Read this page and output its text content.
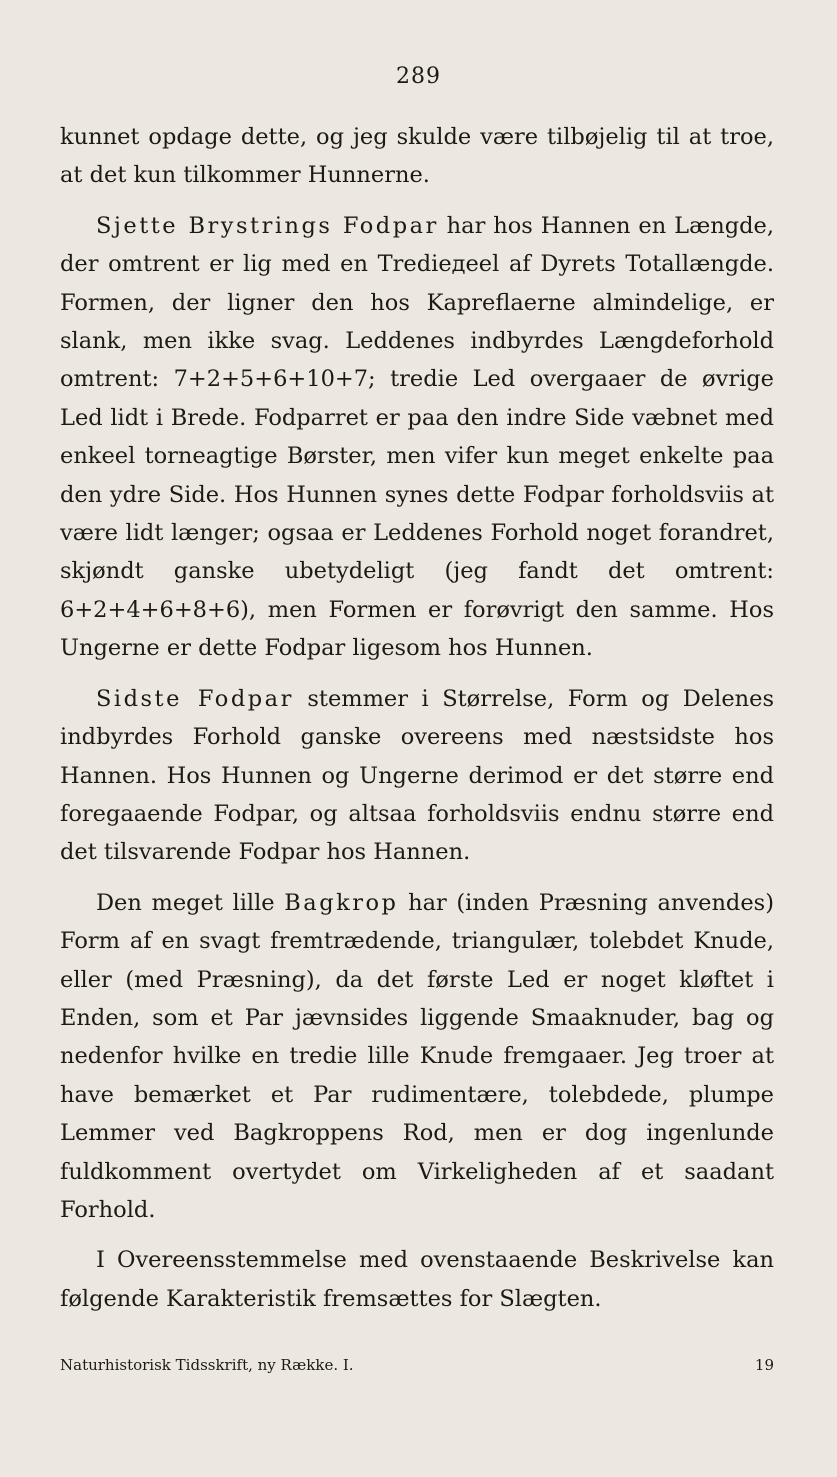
289

kunnet opdage dette, og jeg skulde være tilbøjelig til at troe, at det kun tilkommer Hunnerne.

Sjette Brystrings Fodpar har hos Hannen en Længde, der omtrent er lig med en Tredieдeel af Dyrets Totallængde. Formen, der ligner den hos Kapreflaerne almindelige, er slank, men ikke svag. Leddenes indbyrdes Længdeforhold omtrent: 7+2+5+6+10+7; tredie Led overgaaer de øvrige Led lidt i Brede. Fodparret er paa den indre Side væbnet med enkeel torneagtige Børster, men vifer kun meget enkelte paa den ydre Side. Hos Hunnen synes dette Fodpar forholdsviis at være lidt længer; ogsaa er Leddenes Forhold noget forandret, skjøndt ganske ubetydeligt (jeg fandt det omtrent: 6+2+4+6+8+6), men Formen er forøvrigt den samme. Hos Ungerne er dette Fodpar ligesom hos Hunnen.

Sidste Fodpar stemmer i Størrelse, Form og Delenes indbyrdes Forhold ganske overeens med næstsidste hos Hannen. Hos Hunnen og Ungerne derimod er det større end foregaaende Fodpar, og altsaa forholdsviis endnu større end det tilsvarende Fodpar hos Hannen.

Den meget lille Bagkrop har (inden Præsning anvendes) Form af en svagt fremtrædende, triangulær, tolebdet Knude, eller (med Præsning), da det første Led er noget kløftet i Enden, som et Par jævnsides liggende Smaaknuder, bag og nedenfor hvilke en tredie lille Knude fremgaaer. Jeg troer at have bemærket et Par rudimentære, tolebdede, plumpe Lemmer ved Bagkroppens Rod, men er dog ingenlunde fuldkomment overtydet om Virkeligheden af et saadant Forhold.

I Overeensstemmelse med ovenstaaende Beskrivelse kan følgende Karakteristik fremsættes for Slægten.

Naturhistorisk Tidsskrift, ny Række. I.	19
